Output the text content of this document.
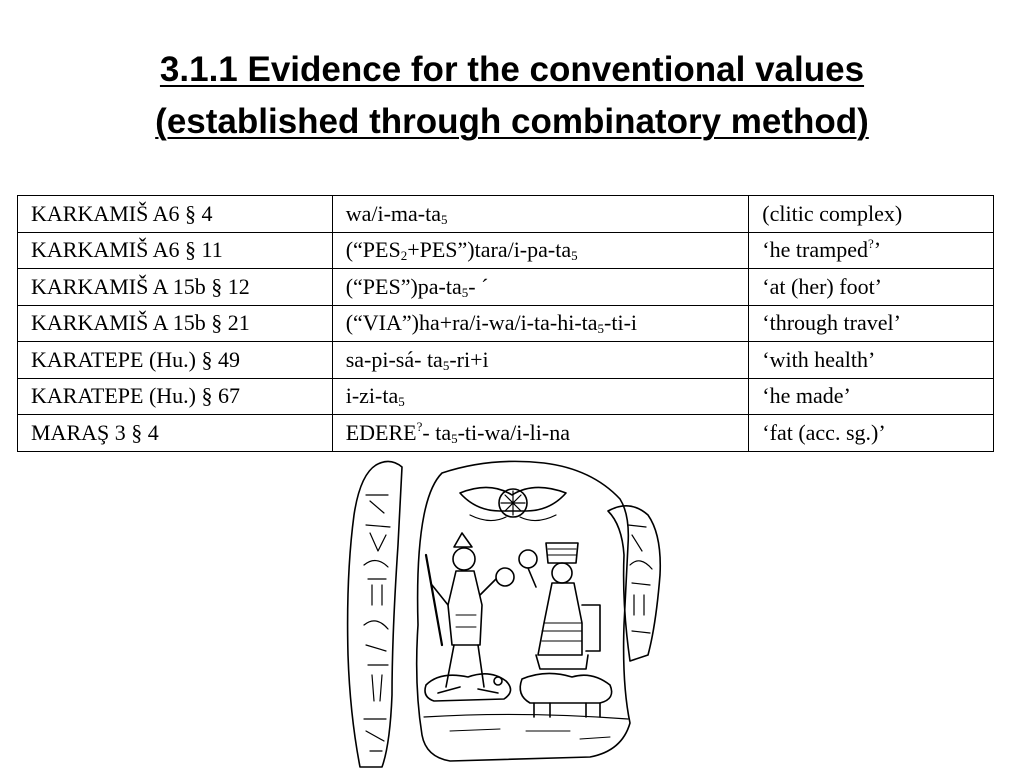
3.1.1 Evidence for the conventional values
(established through combinatory method)
KARKAMIŠ A6 § 4	$wa/i-ma-ta_5$	(clitic complex)
KARKAMIŠ A6 § 11	$(“PES_2+PES”)tara/i-pa-ta_5$	‘he tramped?’
KARKAMIŠ A 15b § 12	$(“PES”)pa-ta_5-$ ´	‘at (her) foot’
KARKAMIŠ A 15b § 21	$(“VIA”)ha+ra/i-wa/i-ta-hi-ta_5-ti-i$	‘through travel’
KARATEPE (Hu.) § 49	sa-pi-sá- $ta_5-ri+i$	‘with health’
KARATEPE (Hu.) § 67	$i-zi-ta_5$	‘he made’
MARAŞ 3 § 4	EDERE?- $ta_5-ti-wa/i-li-na$	‘fat (acc. sg.)’
